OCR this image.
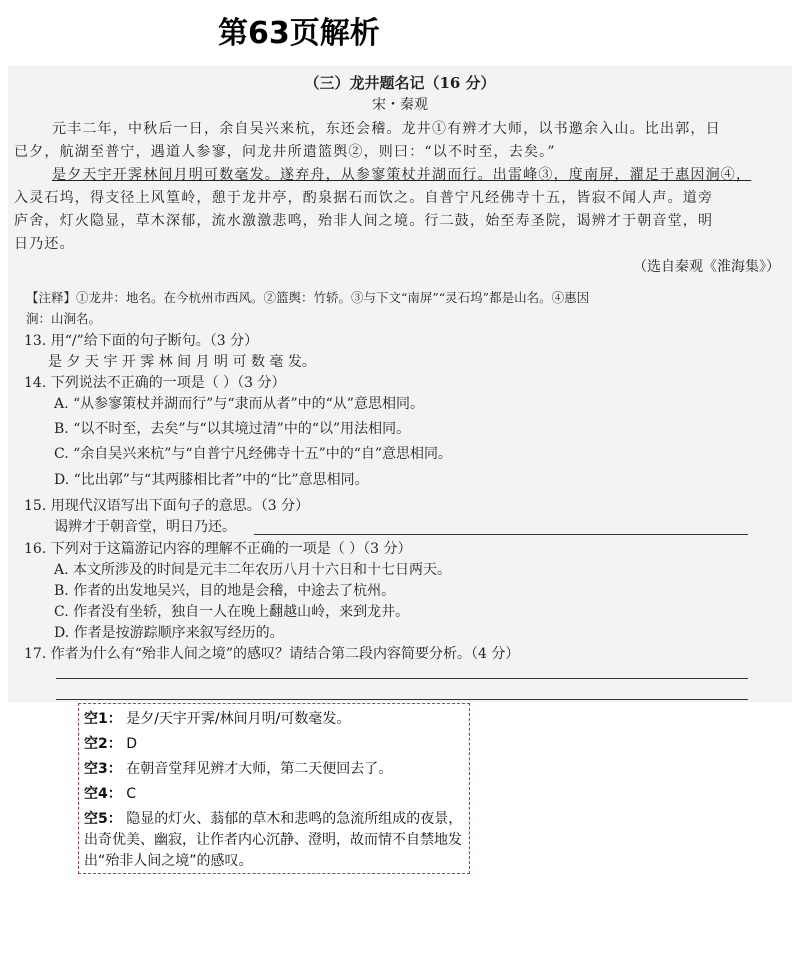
第63页解析
（三）龙井题名记（16 分）
宋・秦观
元丰二年，中秋后一日，余自吴兴来杭，东还会稽。龙井①有辨才大师，以书邀余入山。比出郭，日
已夕，航湖至普宁，遇道人参寥，问龙井所遣篮舆②，则曰：“以不时至，去矣。”
是夕天宇开霁林间月明可数毫发。遂弃舟，从参寥策杖并湖而行。出雷峰③，度南屏，濯足于惠因涧④，
入灵石坞，得支径上风篁岭，憩于龙井亭，酌泉据石而饮之。自普宁凡经佛寺十五，皆寂不闻人声。道旁
庐舍，灯火隐显，草木深郁，流水激激悲鸣，殆非人间之境。行二鼓，始至寿圣院，谒辨才于朝音堂，明
日乃还。
（选自秦观《淮海集》）
【注释】①龙井：地名。在今杭州市西风。②篮舆：竹轿。③与下文“南屏”“灵石坞”都是山名。④惠因
涧：山涧名。
13. 用“/”给下面的句子断句。（3 分）
是 夕 天 宇 开 霁 林 间 月 明 可 数 毫 发。
14. 下列说法不正确的一项是（ ）（3 分）
A. “从参寥策杖并湖而行”与“隶而从者”中的“从”意思相同。
B. “以不时至，去矣”与“以其境过清”中的“以”用法相同。
C. “余自吴兴来杭”与“自普宁凡经佛寺十五”中的“自”意思相同。
D. “比出郭”与“其两膝相比者”中的“比”意思相同。
15. 用现代汉语写出下面句子的意思。（3 分）
谒辨才于朝音堂，明日乃还。
16. 下列对于这篇游记内容的理解不正确的一项是（ ）（3 分）
A. 本文所涉及的时间是元丰二年农历八月十六日和十七日两天。
B. 作者的出发地吴兴，目的地是会稽，中途去了杭州。
C. 作者没有坐轿，独自一人在晚上翻越山岭，来到龙井。
D. 作者是按游踪顺序来叙写经历的。
17. 作者为什么有“殆非人间之境”的感叹？请结合第二段内容简要分析。（4 分）
空1： 是夕/天宇开霁/林间月明/可数毫发。
空2： D
空3： 在朝音堂拜见辨才大师，第二天便回去了。
空4： C
空5： 隐显的灯火、蓊郁的草木和悲鸣的急流所组成的夜景，出奇优美、幽寂，让作者内心沉静、澄明，故而情不自禁地发出“殆非人间之境”的感叹。
